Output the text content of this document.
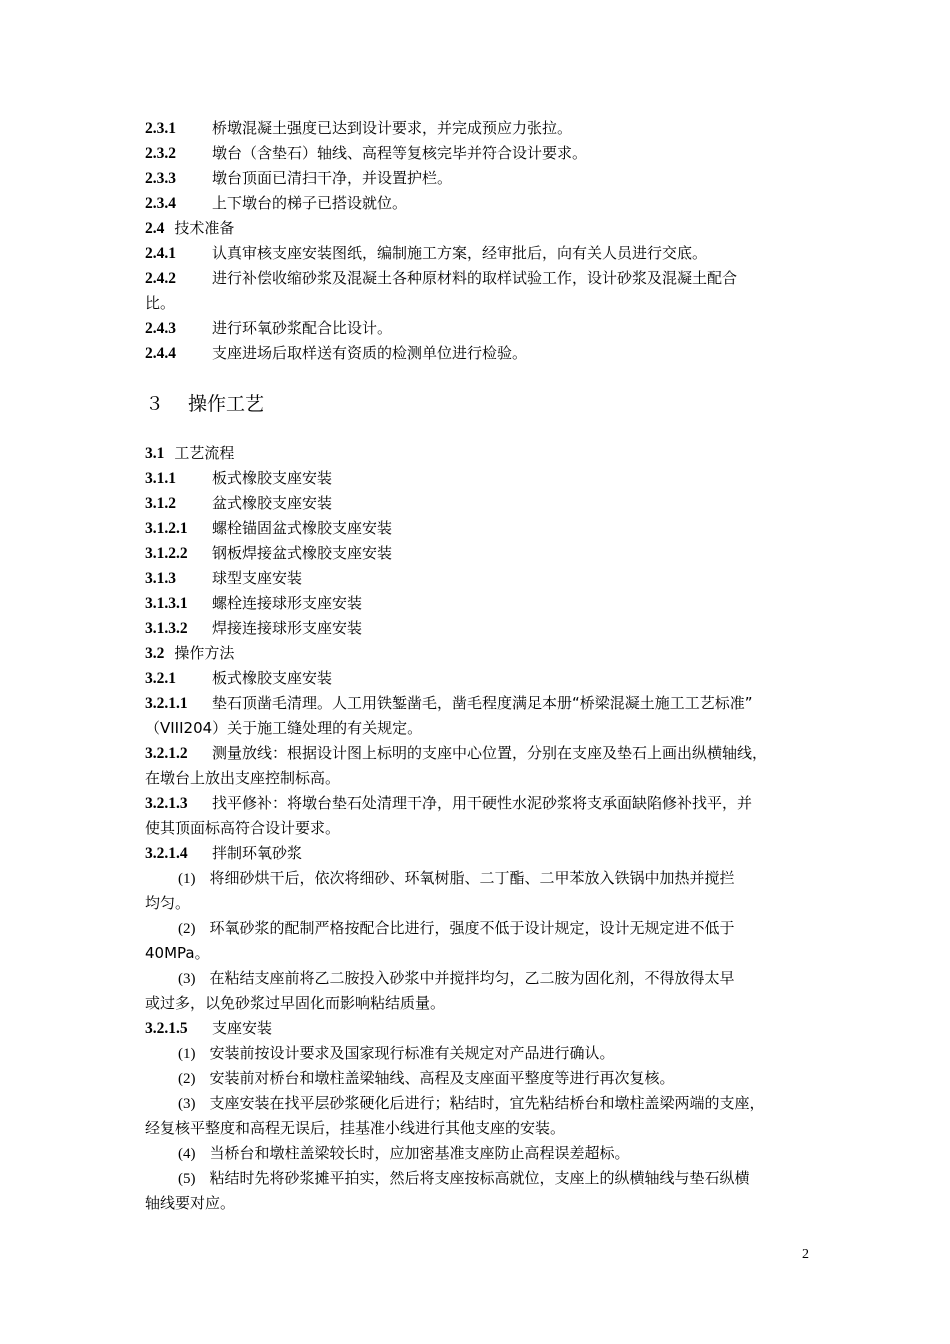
2.3.1 桥墩混凝土强度已达到设计要求，并完成预应力张拉。
2.3.2 墩台（含垫石）轴线、高程等复核完毕并符合设计要求。
2.3.3 墩台顶面已清扫干净，并设置护栏。
2.3.4 上下墩台的梯子已搭设就位。
2.4 技术准备
2.4.1 认真审核支座安装图纸，编制施工方案，经审批后，向有关人员进行交底。
2.4.2 进行补偿收缩砂浆及混凝土各种原材料的取样试验工作，设计砂浆及混凝土配合
比。
2.4.3 进行环氧砂浆配合比设计。
2.4.4 支座进场后取样送有资质的检测单位进行检验。
３ 操作工艺
3.1 工艺流程
3.1.1 板式橡胶支座安装
3.1.2 盆式橡胶支座安装
3.1.2.1 螺栓锚固盆式橡胶支座安装
3.1.2.2 钢板焊接盆式橡胶支座安装
3.1.3 球型支座安装
3.1.3.1 螺栓连接球形支座安装
3.1.3.2 焊接连接球形支座安装
3.2 操作方法
3.2.1 板式橡胶支座安装
3.2.1.1 垫石顶凿毛清理。人工用铁錾凿毛，凿毛程度满足本册“桥梁混凝土施工工艺标准”
（VIII204）关于施工缝处理的有关规定。
3.2.1.2 测量放线：根据设计图上标明的支座中心位置，分别在支座及垫石上画出纵横轴线，
在墩台上放出支座控制标高。
3.2.1.3 找平修补：将墩台垫石处清理干净，用干硬性水泥砂浆将支承面缺陷修补找平，并
使其顶面标高符合设计要求。
3.2.1.4 拌制环氧砂浆
(1) 将细砂烘干后，依次将细砂、环氧树脂、二丁酯、二甲苯放入铁锅中加热并搅拦
均匀。
(2) 环氧砂浆的配制严格按配合比进行，强度不低于设计规定，设计无规定进不低于
40MPa。
(3) 在粘结支座前将乙二胺投入砂浆中并搅拌均匀，乙二胺为固化剂，不得放得太早
或过多，以免砂浆过早固化而影响粘结质量。
3.2.1.5 支座安装
(1) 安装前按设计要求及国家现行标准有关规定对产品进行确认。
(2) 安装前对桥台和墩柱盖梁轴线、高程及支座面平整度等进行再次复核。
(3) 支座安装在找平层砂浆硬化后进行；粘结时，宜先粘结桥台和墩柱盖梁两端的支座，
经复核平整度和高程无误后，挂基准小线进行其他支座的安装。
(4) 当桥台和墩柱盖梁较长时，应加密基准支座防止高程误差超标。
(5) 粘结时先将砂浆摊平拍实，然后将支座按标高就位，支座上的纵横轴线与垫石纵横
轴线要对应。
2
